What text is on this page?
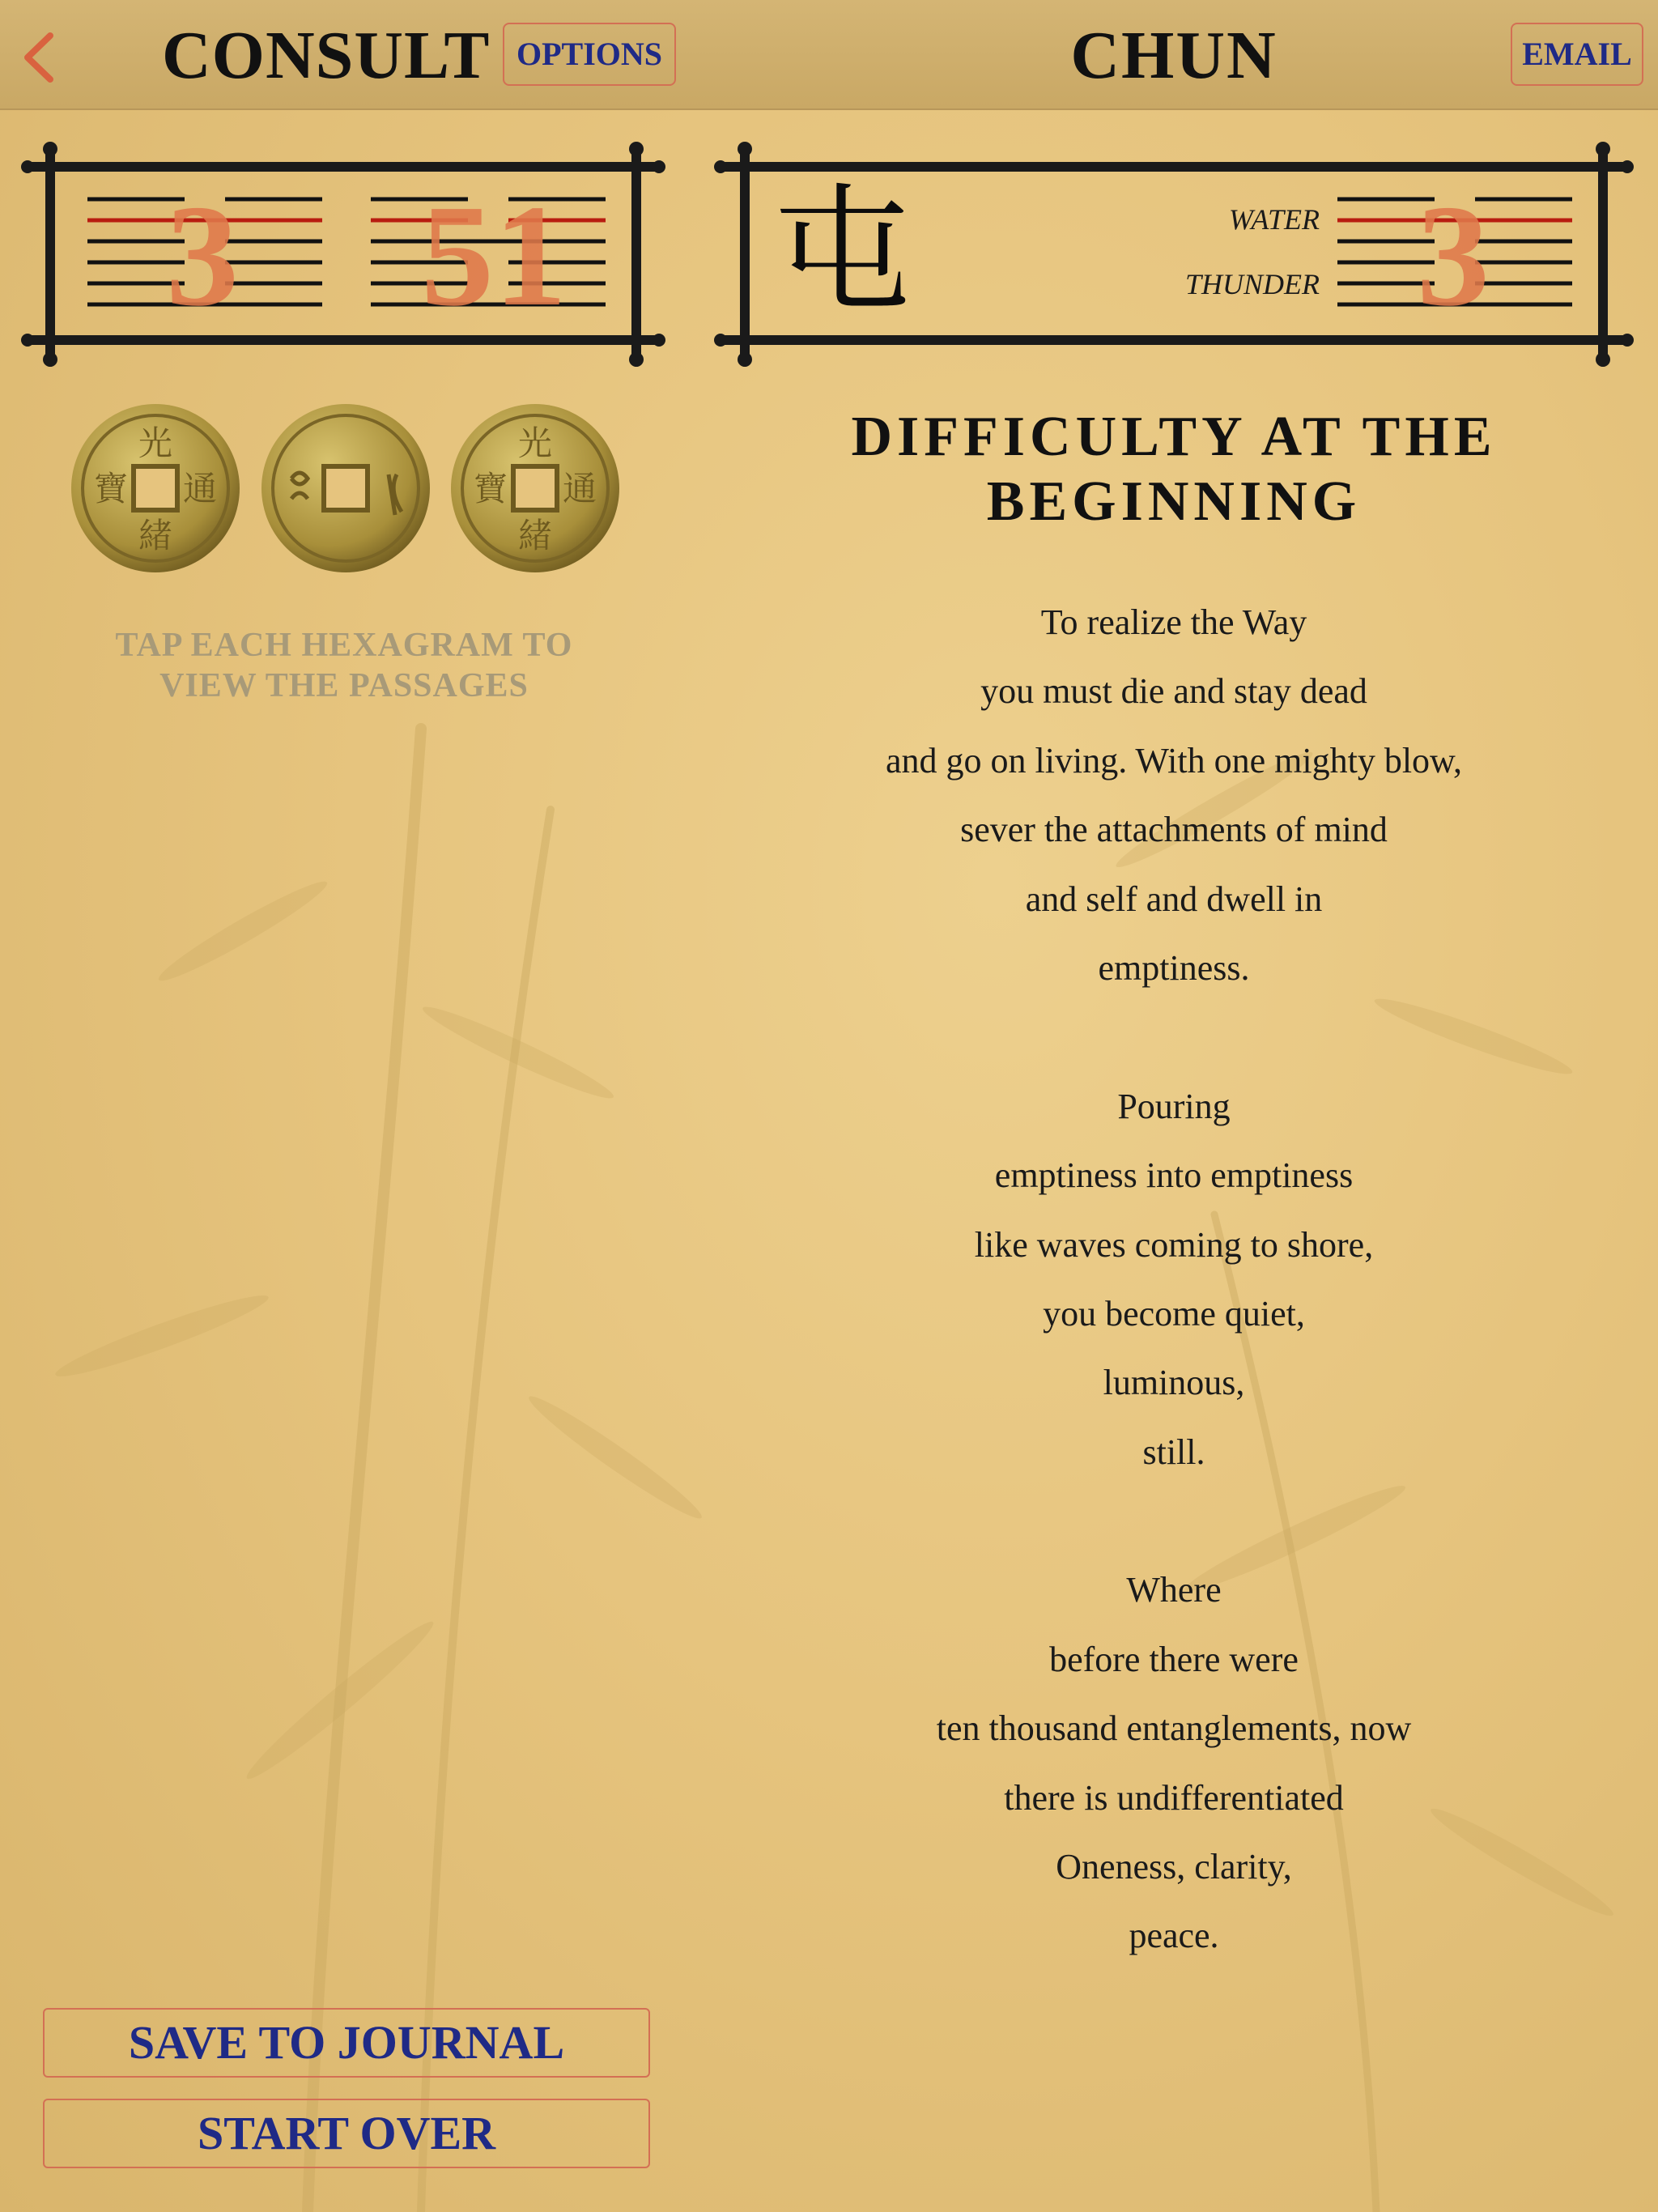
CONSULT OPTIONS	CHUN	EMAIL
3 51 屯	WATER
THUNDER 3
光
緒
寶 通
光
緒
寶 通
TAP EACH HEXAGRAM TO VIEW THE PASSAGES
DIFFICULTY AT THE
BEGINNING
To realize the Way
you must die and stay dead
and go on living. With one mighty blow,
sever the attachments of mind
and self and dwell in
emptiness.
Pouring
emptiness into emptiness
like waves coming to shore,
you become quiet,
luminous,
still.
Where
before there were
ten thousand entanglements, now
there is undifferentiated
Oneness, clarity,
peace.
SAVE TO JOURNAL
START OVER
